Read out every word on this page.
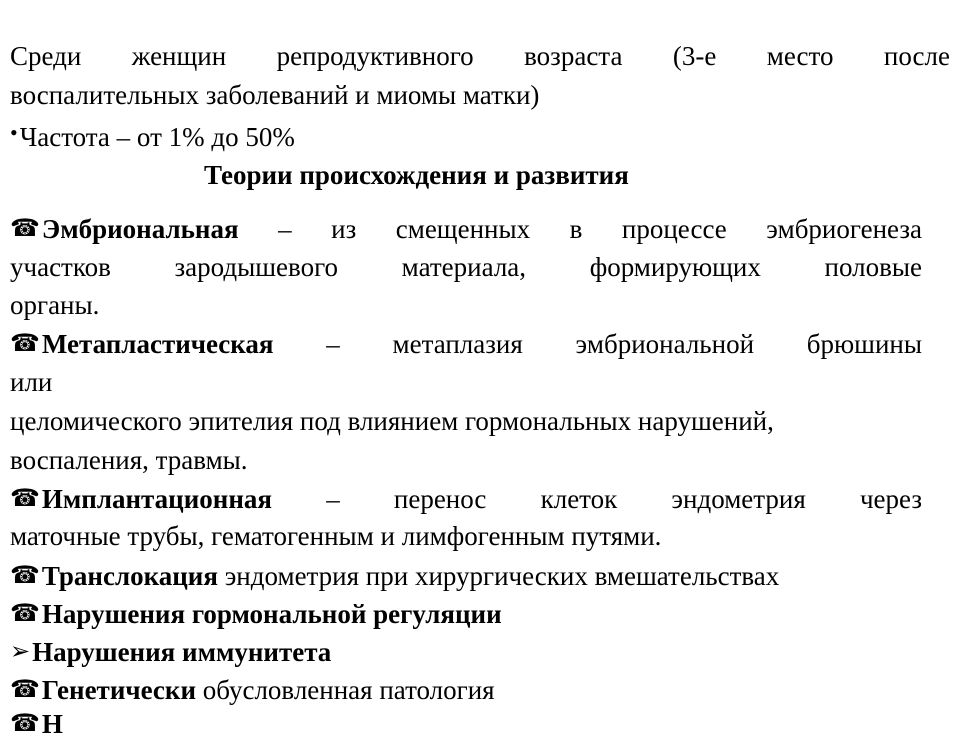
Среди женщин репродуктивного возраста (3-е место после
воспалительных заболеваний и миомы матки)
•Частота – от 1% до 50%
Теории происхождения и развития
☎Эмбриональная – из смещенных в процессе эмбриогенеза
участков зародышевого материала, формирующих половые
органы.
☎Метапластическая – метаплазия эмбриональной брюшины
или
целомического эпителия под влиянием гормональных нарушений,
воспаления, травмы.
☎Имплантационная – перенос клеток эндометрия через
маточные трубы, гематогенным и лимфогенным путями.
☎Транслокация эндометрия при хирургических вмешательствах
☎Нарушения гормональной регуляции
➢Нарушения иммунитета
☎Генетически обусловленная патология
☎Н
